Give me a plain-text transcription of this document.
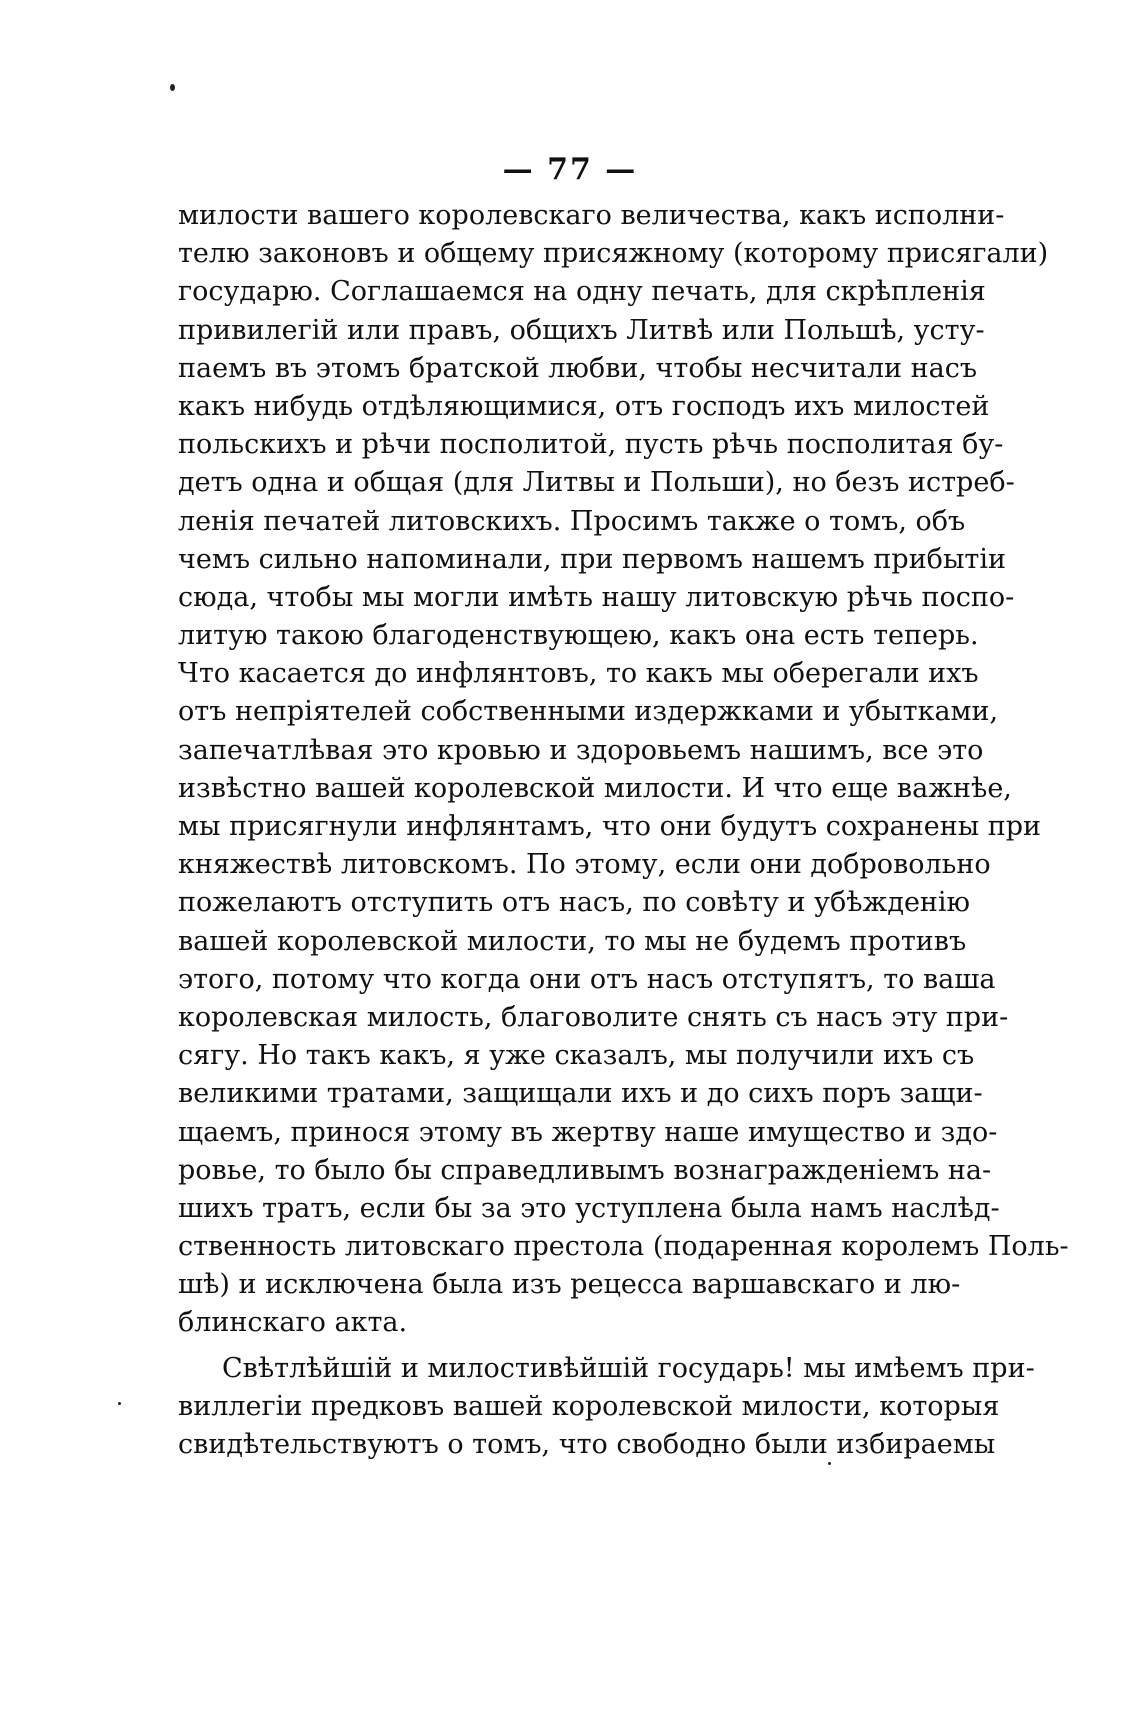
— 77 —
милости вашего королевскаго величества, какъ исполни-
телю законовъ и общему присяжному (которому присягали)
государю. Соглашаемся на одну печать, для скрѣпленія
привилегій или правъ, общихъ Литвѣ или Польшѣ, усту-
паемъ въ этомъ братской любви, чтобы несчитали насъ
какъ нибудь отдѣляющимися, отъ господъ ихъ милостей
польскихъ и рѣчи посполитой, пусть рѣчь посполитая бу-
детъ одна и общая (для Литвы и Польши), но безъ истреб-
ленія печатей литовскихъ. Просимъ также о томъ, объ
чемъ сильно напоминали, при первомъ нашемъ прибытіи
сюда, чтобы мы могли имѣть нашу литовскую рѣчь поспо-
литую такою благоденствующею, какъ она есть теперь.
Что касается до инфлянтовъ, то какъ мы оберегали ихъ
отъ непріятелей собственными издержками и убытками,
запечатлѣвая это кровью и здоровьемъ нашимъ, все это
извѣстно вашей королевской милости. И что еще важнѣе,
мы присягнули инфлянтамъ, что они будутъ сохранены при
княжествѣ литовскомъ. По этому, если они добровольно
пожелаютъ отступить отъ насъ, по совѣту и убѣжденію
вашей королевской милости, то мы не будемъ противъ
этого, потому что когда они отъ насъ отступятъ, то ваша
королевская милость, благоволите снять съ насъ эту при-
сягу. Но такъ какъ, я уже сказалъ, мы получили ихъ съ
великими тратами, защищали ихъ и до сихъ поръ защи-
щаемъ, принося этому въ жертву наше имущество и здо-
ровье, то было бы справедливымъ вознагражденіемъ на-
шихъ тратъ, если бы за это уступлена была намъ наслѣд-
ственность литовскаго престола (подаренная королемъ Поль-
шѣ) и исключена была изъ рецесса варшавскаго и лю-
блинскаго акта.
Свѣтлѣйшій и милостивѣйшій государь! мы имѣемъ при-
виллегіи предковъ вашей королевской милости, которыя
свидѣтельствуютъ о томъ, что свободно были избираемы
